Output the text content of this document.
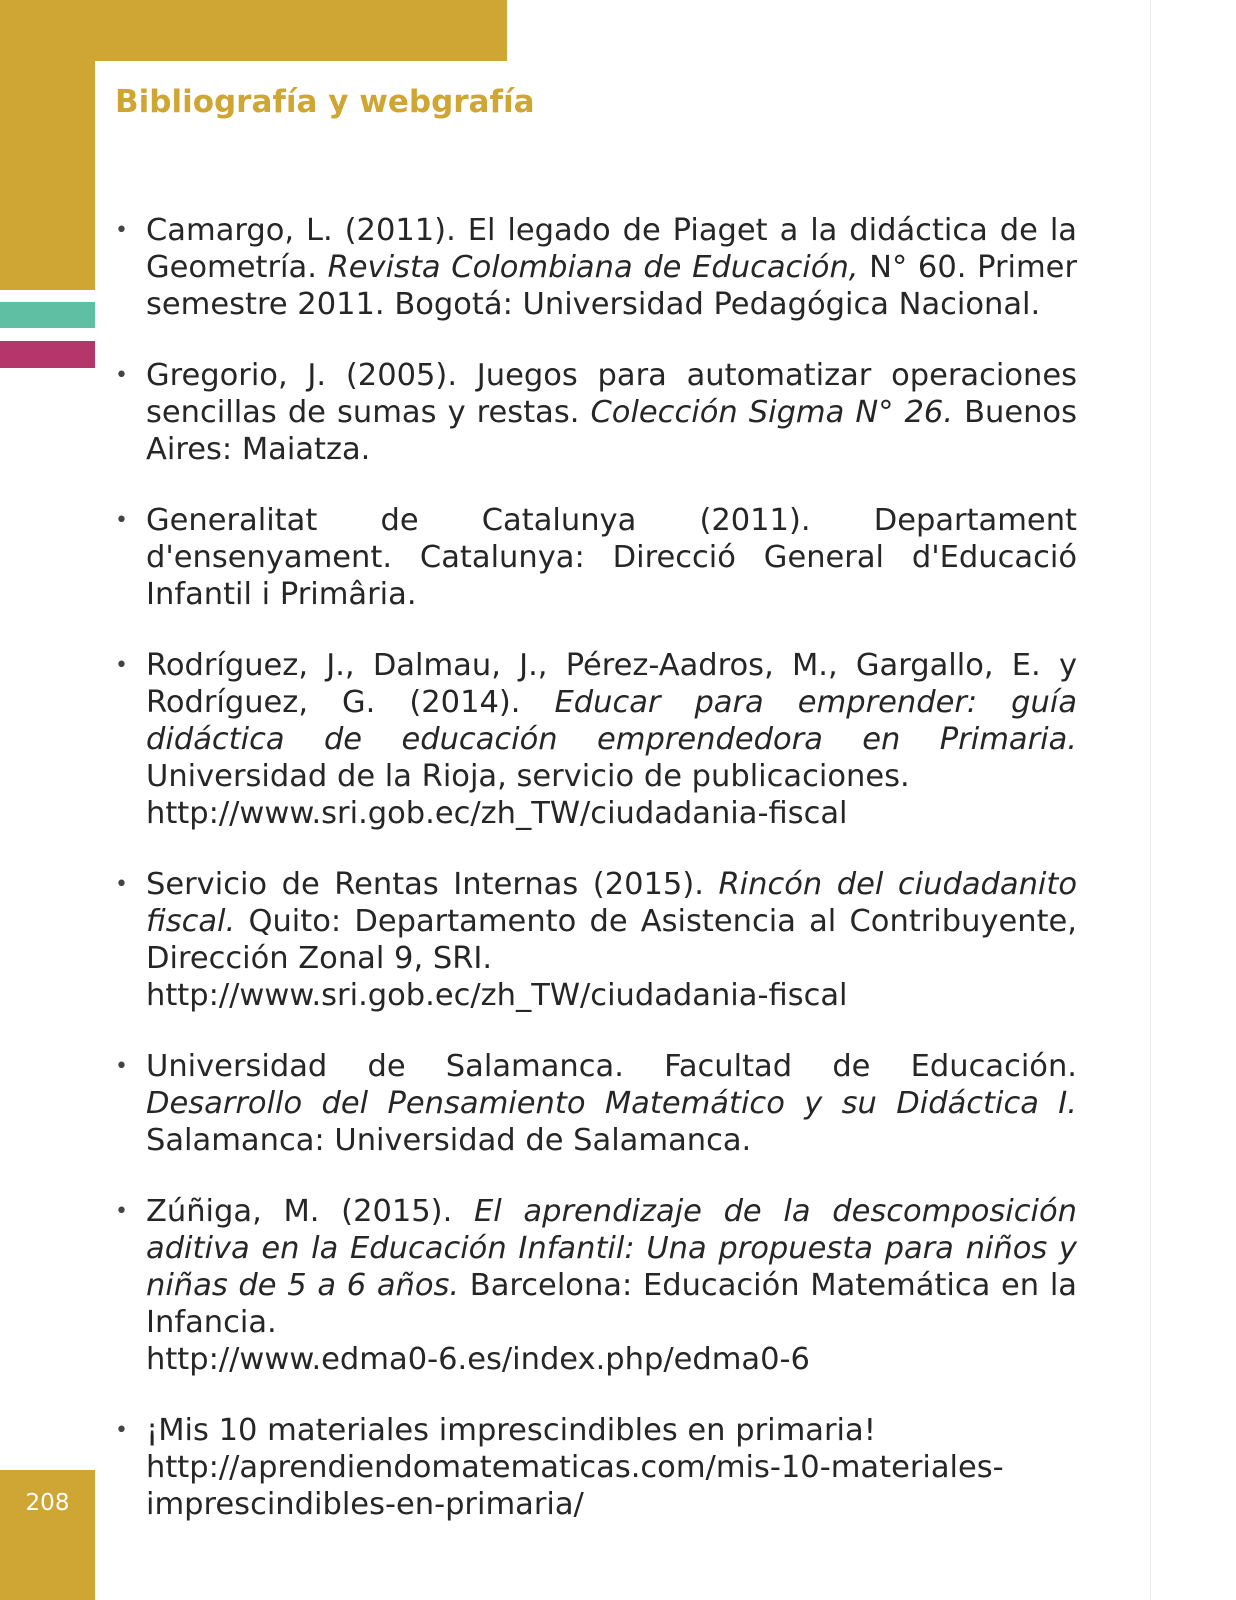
Bibliografía y webgrafía
• Camargo, L. (2011). El legado de Piaget a la didáctica de la Geometría. Revista Colombiana de Educación, N° 60. Primer semestre 2011. Bogotá: Universidad Pedagógica Nacional.
• Gregorio, J. (2005). Juegos para automatizar operaciones sencillas de sumas y restas. Colección Sigma N° 26. Buenos Aires: Maiatza.
• Generalitat de Catalunya (2011). Departament d'ensenyament. Catalunya: Direcció General d'Educació Infantil i Primâria.
• Rodríguez, J., Dalmau, J., Pérez-Aadros, M., Gargallo, E. y Rodríguez, G. (2014). Educar para emprender: guía didáctica de educación emprendedora en Primaria. Universidad de la Rioja, servicio de publicaciones.
http://www.sri.gob.ec/zh_TW/ciudadania-fiscal
• Servicio de Rentas Internas (2015). Rincón del ciudadanito fiscal. Quito: Departamento de Asistencia al Contribuyente, Dirección Zonal 9, SRI.
http://www.sri.gob.ec/zh_TW/ciudadania-fiscal
• Universidad de Salamanca. Facultad de Educación. Desarrollo del Pensamiento Matemático y su Didáctica I. Salamanca: Universidad de Salamanca.
• Zúñiga, M. (2015). El aprendizaje de la descomposición aditiva en la Educación Infantil: Una propuesta para niños y niñas de 5 a 6 años. Barcelona: Educación Matemática en la Infancia.
http://www.edma0-6.es/index.php/edma0-6
• ¡Mis 10 materiales imprescindibles en primaria!
http://aprendiendomatematicas.com/mis-10-materiales-imprescindibles-en-primaria/
208
